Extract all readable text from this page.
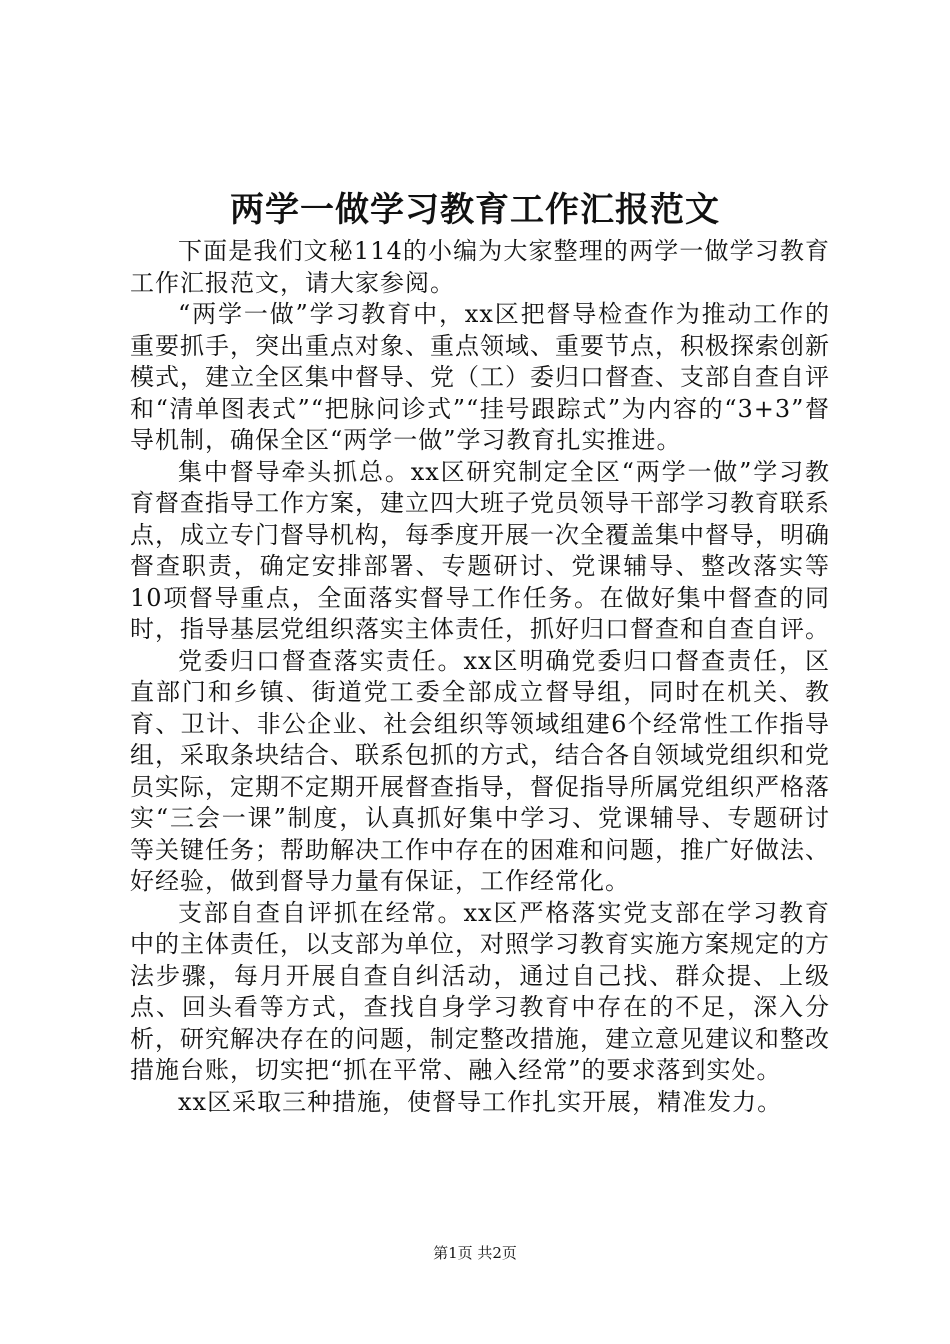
两学一做学习教育工作汇报范文

下面是我们文秘114的小编为大家整理的两学一做学习教育工作汇报范文，请大家参阅。

“两学一做”学习教育中，xx区把督导检查作为推动工作的重要抓手，突出重点对象、重点领域、重要节点，积极探索创新模式，建立全区集中督导、党（工）委归口督查、支部自查自评和“清单图表式”“把脉问诊式”“挂号跟踪式”为内容的“3+3”督导机制，确保全区“两学一做”学习教育扎实推进。

集中督导牵头抓总。xx区研究制定全区“两学一做”学习教育督查指导工作方案，建立四大班子党员领导干部学习教育联系点，成立专门督导机构，每季度开展一次全覆盖集中督导，明确督查职责，确定安排部署、专题研讨、党课辅导、整改落实等10项督导重点，全面落实督导工作任务。在做好集中督查的同时，指导基层党组织落实主体责任，抓好归口督查和自查自评。

党委归口督查落实责任。xx区明确党委归口督查责任，区直部门和乡镇、街道党工委全部成立督导组，同时在机关、教育、卫计、非公企业、社会组织等领域组建6个经常性工作指导组，采取条块结合、联系包抓的方式，结合各自领域党组织和党员实际，定期不定期开展督查指导，督促指导所属党组织严格落实“三会一课”制度，认真抓好集中学习、党课辅导、专题研讨等关键任务；帮助解决工作中存在的困难和问题，推广好做法、好经验，做到督导力量有保证，工作经常化。

支部自查自评抓在经常。xx区严格落实党支部在学习教育中的主体责任，以支部为单位，对照学习教育实施方案规定的方法步骤，每月开展自查自纠活动，通过自己找、群众提、上级点、回头看等方式，查找自身学习教育中存在的不足，深入分析，研究解决存在的问题，制定整改措施，建立意见建议和整改措施台账，切实把“抓在平常、融入经常”的要求落到实处。

xx区采取三种措施，使督导工作扎实开展，精准发力。

第1页 共2页
